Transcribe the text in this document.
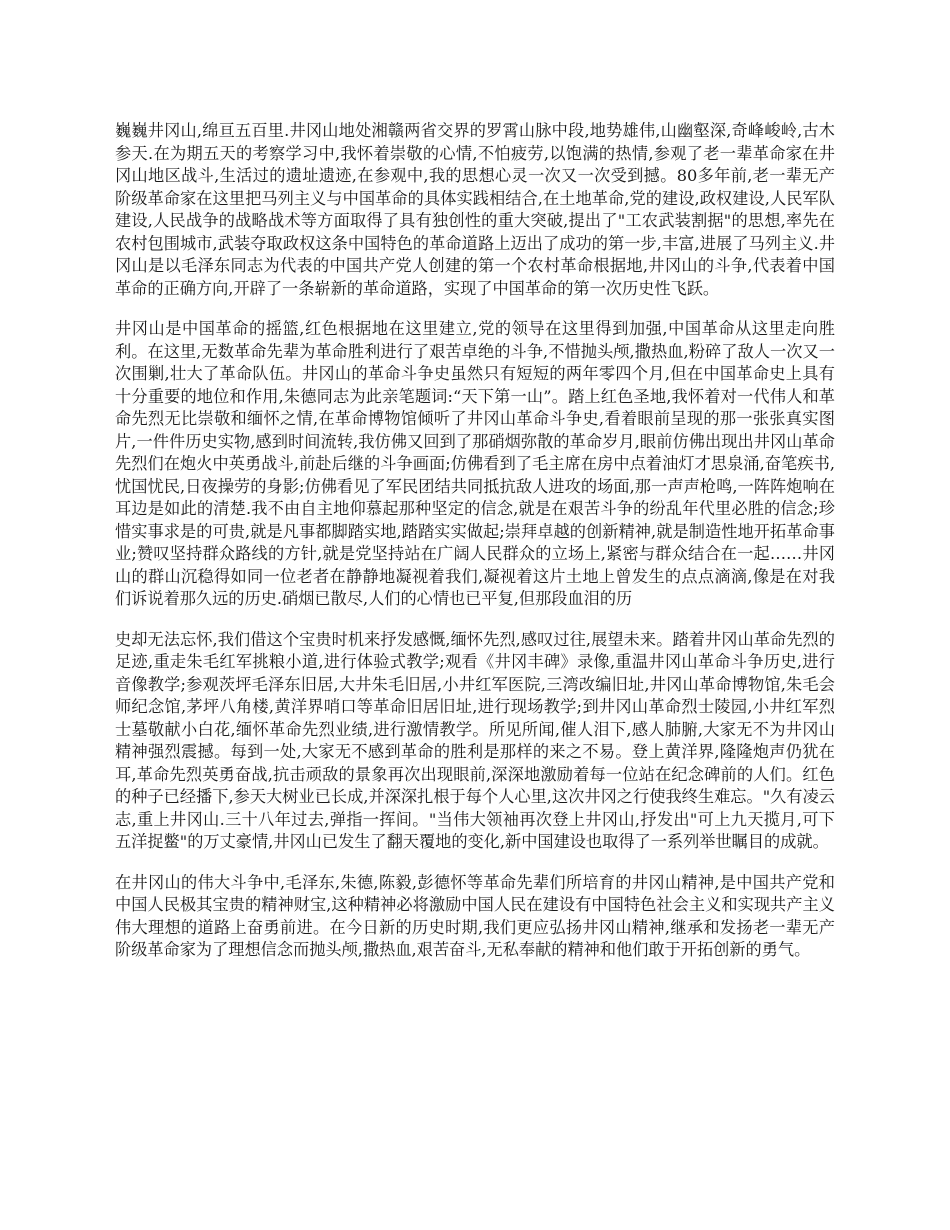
巍巍井冈山,绵亘五百里.井冈山地处湘赣两省交界的罗霄山脉中段,地势雄伟,山幽壑深,奇峰峻岭,古木参天.在为期五天的考察学习中,我怀着崇敬的心情,不怕疲劳,以饱满的热情,参观了老一辈革命家在井冈山地区战斗,生活过的遗址遗迹,在参观中,我的思想心灵一次又一次受到撼。80多年前,老一辈无产阶级革命家在这里把马列主义与中国革命的具体实践相结合,在土地革命,党的建设,政权建设,人民军队建设,人民战争的战略战术等方面取得了具有独创性的重大突破,提出了"工农武装割据"的思想,率先在农村包围城市,武装夺取政权这条中国特色的革命道路上迈出了成功的第一步,丰富,进展了马列主义.井冈山是以毛泽东同志为代表的中国共产党人创建的第一个农村革命根据地,井冈山的斗争,代表着中国革命的正确方向,开辟了一条崭新的革命道路，实现了中国革命的第一次历史性飞跃。

井冈山是中国革命的摇篮,红色根据地在这里建立,党的领导在这里得到加强,中国革命从这里走向胜利。在这里,无数革命先辈为革命胜利进行了艰苦卓绝的斗争,不惜抛头颅,撒热血,粉碎了敌人一次又一次围剿,壮大了革命队伍。井冈山的革命斗争史虽然只有短短的两年零四个月,但在中国革命史上具有十分重要的地位和作用,朱德同志为此亲笔题词:“天下第一山”。踏上红色圣地,我怀着对一代伟人和革命先烈无比崇敬和缅怀之情,在革命博物馆倾听了井冈山革命斗争史,看着眼前呈现的那一张张真实图片,一件件历史实物,感到时间流转,我仿佛又回到了那硝烟弥散的革命岁月,眼前仿佛出现出井冈山革命先烈们在炮火中英勇战斗,前赴后继的斗争画面;仿佛看到了毛主席在房中点着油灯才思泉涌,奋笔疾书,忧国忧民,日夜操劳的身影;仿佛看见了军民团结共同抵抗敌人进攻的场面,那一声声枪鸣,一阵阵炮响在耳边是如此的清楚.我不由自主地仰慕起那种坚定的信念,就是在艰苦斗争的纷乱年代里必胜的信念;珍惜实事求是的可贵,就是凡事都脚踏实地,踏踏实实做起;崇拜卓越的创新精神,就是制造性地开拓革命事业;赞叹坚持群众路线的方针,就是党坚持站在广阔人民群众的立场上,紧密与群众结合在一起……井冈山的群山沉稳得如同一位老者在静静地凝视着我们,凝视着这片土地上曾发生的点点滴滴,像是在对我们诉说着那久远的历史.硝烟已散尽,人们的心情也已平复,但那段血泪的历

史却无法忘怀,我们借这个宝贵时机来抒发感慨,缅怀先烈,感叹过往,展望未来。踏着井冈山革命先烈的足迹,重走朱毛红军挑粮小道,进行体验式教学;观看《井冈丰碑》录像,重温井冈山革命斗争历史,进行音像教学;参观茨坪毛泽东旧居,大井朱毛旧居,小井红军医院,三湾改编旧址,井冈山革命博物馆,朱毛会师纪念馆,茅坪八角楼,黄洋界哨口等革命旧居旧址,进行现场教学;到井冈山革命烈士陵园,小井红军烈士墓敬献小白花,缅怀革命先烈业绩,进行激情教学。所见所闻,催人泪下,感人肺腑,大家无不为井冈山精神强烈震撼。每到一处,大家无不感到革命的胜利是那样的来之不易。登上黄洋界,隆隆炮声仍犹在耳,革命先烈英勇奋战,抗击顽敌的景象再次出现眼前,深深地激励着每一位站在纪念碑前的人们。红色的种子已经播下,参天大树业已长成,并深深扎根于每个人心里,这次井冈之行使我终生难忘。"久有凌云志,重上井冈山.三十八年过去,弹指一挥间。"当伟大领袖再次登上井冈山,抒发出"可上九天揽月,可下五洋捉鳖"的万丈豪情,井冈山已发生了翻天覆地的变化,新中国建设也取得了一系列举世瞩目的成就。

在井冈山的伟大斗争中,毛泽东,朱德,陈毅,彭德怀等革命先辈们所培育的井冈山精神,是中国共产党和中国人民极其宝贵的精神财宝,这种精神必将激励中国人民在建设有中国特色社会主义和实现共产主义伟大理想的道路上奋勇前进。在今日新的历史时期,我们更应弘扬井冈山精神,继承和发扬老一辈无产阶级革命家为了理想信念而抛头颅,撒热血,艰苦奋斗,无私奉献的精神和他们敢于开拓创新的勇气。
